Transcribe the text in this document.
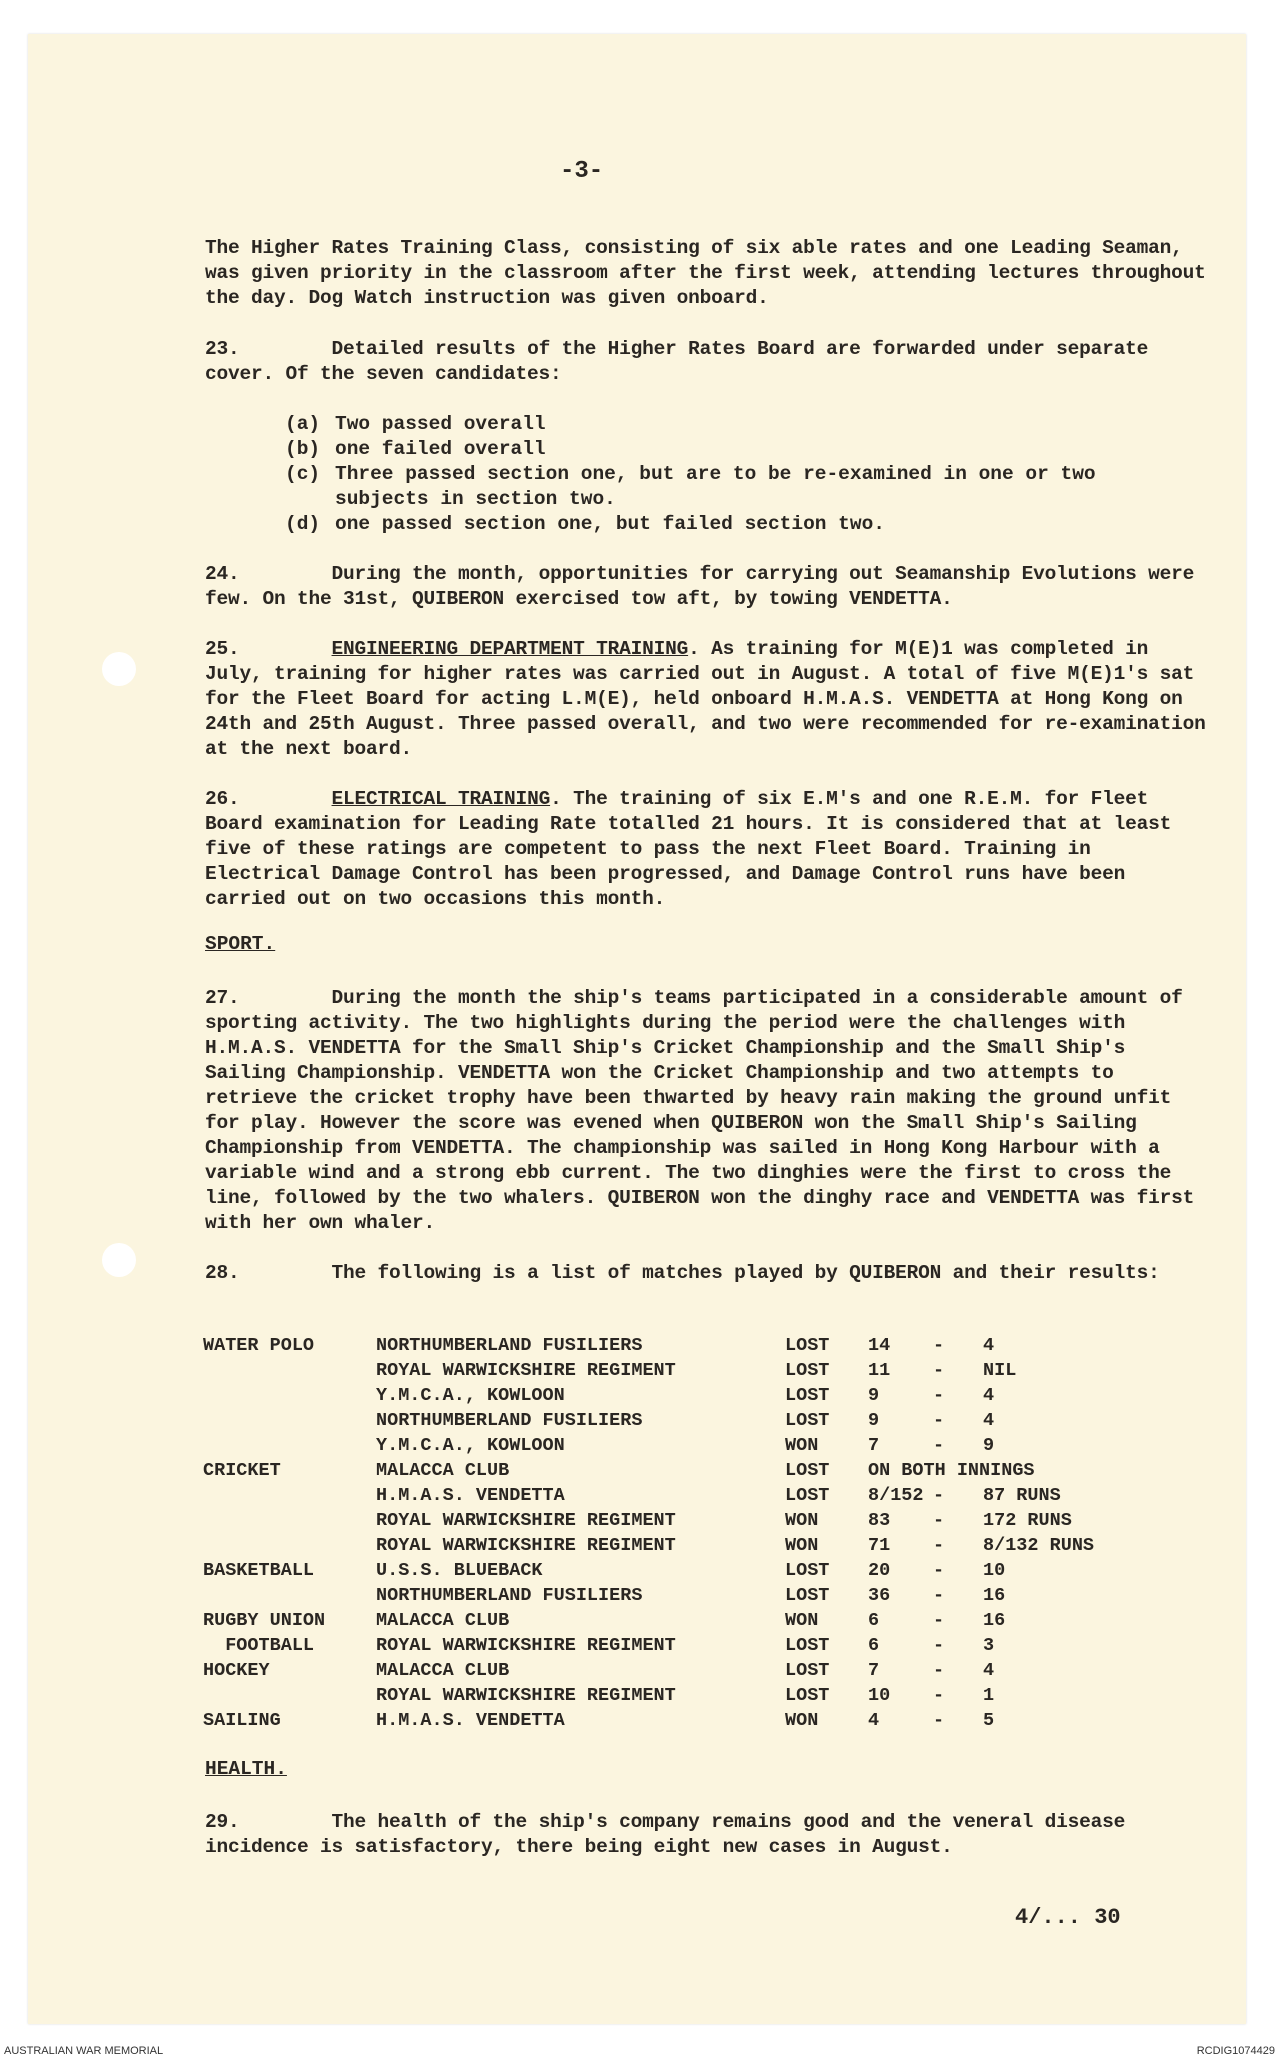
-3-
The Higher Rates Training Class, consisting of six able rates and one Leading Seaman, was given priority in the classroom after the first week, attending lectures throughout the day. Dog Watch instruction was given onboard.
23.	Detailed results of the Higher Rates Board are forwarded under separate cover. Of the seven candidates:
(a) Two passed overall
(b) one failed overall
(c) Three passed section one, but are to be re-examined in one or two subjects in section two.
(d) one passed section one, but failed section two.
24.	During the month, opportunities for carrying out Seamanship Evolutions were few. On the 31st, QUIBERON exercised tow aft, by towing VENDETTA.
25.	ENGINEERING DEPARTMENT TRAINING. As training for M(E)1 was completed in July, training for higher rates was carried out in August. A total of five M(E)1's sat for the Fleet Board for acting L.M(E), held onboard H.M.A.S. VENDETTA at Hong Kong on 24th and 25th August. Three passed overall, and two were recommended for re-examination at the next board.
26.	ELECTRICAL TRAINING. The training of six E.M's and one R.E.M. for Fleet Board examination for Leading Rate totalled 21 hours. It is considered that at least five of these ratings are competent to pass the next Fleet Board. Training in Electrical Damage Control has been progressed, and Damage Control runs have been carried out on two occasions this month.
SPORT.
27.	During the month the ship's teams participated in a considerable amount of sporting activity. The two highlights during the period were the challenges with H.M.A.S. VENDETTA for the Small Ship's Cricket Championship and the Small Ship's Sailing Championship. VENDETTA won the Cricket Championship and two attempts to retrieve the cricket trophy have been thwarted by heavy rain making the ground unfit for play. However the score was evened when QUIBERON won the Small Ship's Sailing Championship from VENDETTA. The championship was sailed in Hong Kong Harbour with a variable wind and a strong ebb current. The two dinghies were the first to cross the line, followed by the two whalers. QUIBERON won the dinghy race and VENDETTA was first with her own whaler.
28.	The following is a list of matches played by QUIBERON and their results:
WATER POLO	NORTHUMBERLAND FUSILIERS	LOST 14 - 4
ROYAL WARWICKSHIRE REGIMENT	LOST 11 - NIL
Y.M.C.A., KOWLOON	LOST 9	- 4
NORTHUMBERLAND FUSILIERS	LOST 9	- 4
Y.M.C.A., KOWLOON	WON	7	- 9
CRICKET	MALACCA CLUB	LOST ON BOTH INNINGS
H.M.A.S. VENDETTA	LOST 8/152 - 87 RUNS
ROYAL WARWICKSHIRE REGIMENT	WON	83 - 172 RUNS
ROYAL WARWICKSHIRE REGIMENT	WON	71 - 8/132 RUNS
BASKETBALL	U.S.S. BLUEBACK	LOST 20 - 10
NORTHUMBERLAND FUSILIERS	LOST 36 - 16
RUGBY UNION	MALACCA CLUB	WON	6	- 16
FOOTBALL	ROYAL WARWICKSHIRE REGIMENT	LOST 6	- 3
HOCKEY	MALACCA CLUB	LOST 7	- 4
ROYAL WARWICKSHIRE REGIMENT	LOST 10 - 1
SAILING	H.M.A.S. VENDETTA	WON	4	- 5
HEALTH.
29.	The health of the ship's company remains good and the veneral disease incidence is satisfactory, there being eight new cases in August.
4/... 30
AUSTRALIAN WAR MEMORIAL	RCDIG1074429
